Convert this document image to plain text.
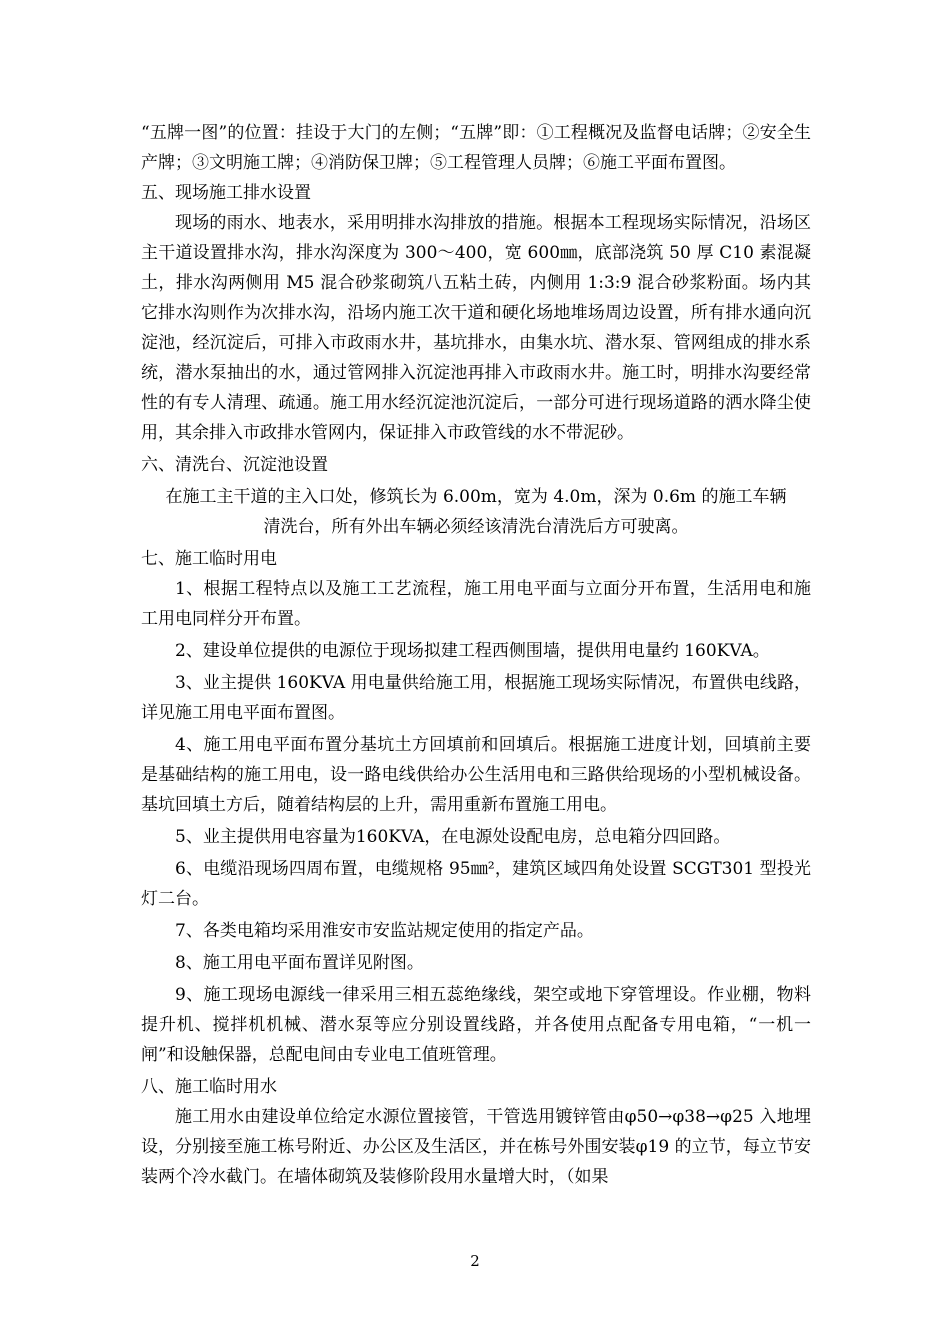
“五牌一图”的位置：挂设于大门的左侧；“五牌”即：①工程概况及监督电话牌；②安全生产牌；③文明施工牌；④消防保卫牌；⑤工程管理人员牌；⑥施工平面布置图。

五、现场施工排水设置

现场的雨水、地表水，采用明排水沟排放的措施。根据本工程现场实际情况，沿场区主干道设置排水沟，排水沟深度为 300～400，宽 600㎜，底部浇筑 50 厚 C10 素混凝土，排水沟两侧用 M5 混合砂浆砌筑八五粘土砖，内侧用 1:3:9 混合砂浆粉面。场内其它排水沟则作为次排水沟，沿场内施工次干道和硬化场地堆场周边设置，所有排水通向沉淀池，经沉淀后，可排入市政雨水井，基坑排水，由集水坑、潜水泵、管网组成的排水系统，潜水泵抽出的水，通过管网排入沉淀池再排入市政雨水井。施工时，明排水沟要经常性的有专人清理、疏通。施工用水经沉淀池沉淀后，一部分可进行现场道路的洒水降尘使用，其余排入市政排水管网内，保证排入市政管线的水不带泥砂。

六、清洗台、沉淀池设置

在施工主干道的主入口处，修筑长为 6.00m，宽为 4.0m，深为 0.6m 的施工车辆

清洗台，所有外出车辆必须经该清洗台清洗后方可驶离。

七、施工临时用电

1、根据工程特点以及施工工艺流程，施工用电平面与立面分开布置，生活用电和施工用电同样分开布置。

2、建设单位提供的电源位于现场拟建工程西侧围墙，提供用电量约 160KVA。

3、业主提供 160KVA 用电量供给施工用，根据施工现场实际情况，布置供电线路，详见施工用电平面布置图。

4、施工用电平面布置分基坑土方回填前和回填后。根据施工进度计划，回填前主要是基础结构的施工用电，设一路电线供给办公生活用电和三路供给现场的小型机械设备。基坑回填土方后，随着结构层的上升，需用重新布置施工用电。

5、业主提供用电容量为160KVA，在电源处设配电房，总电箱分四回路。

6、电缆沿现场四周布置，电缆规格 95㎜²，建筑区域四角处设置 SCGT301 型投光灯二台。

7、各类电箱均采用淮安市安监站规定使用的指定产品。

8、施工用电平面布置详见附图。

9、施工现场电源线一律采用三相五蕊绝缘线，架空或地下穿管埋设。作业棚，物料提升机、搅拌机机械、潜水泵等应分别设置线路，并各使用点配备专用电箱，“一机一闸”和设触保器，总配电间由专业电工值班管理。

八、施工临时用水

施工用水由建设单位给定水源位置接管，干管选用镀锌管由φ50→φ38→φ25 入地埋设，分别接至施工栋号附近、办公区及生活区，并在栋号外围安装φ19 的立节，每立节安装两个冷水截门。在墙体砌筑及装修阶段用水量增大时，（如果

2
